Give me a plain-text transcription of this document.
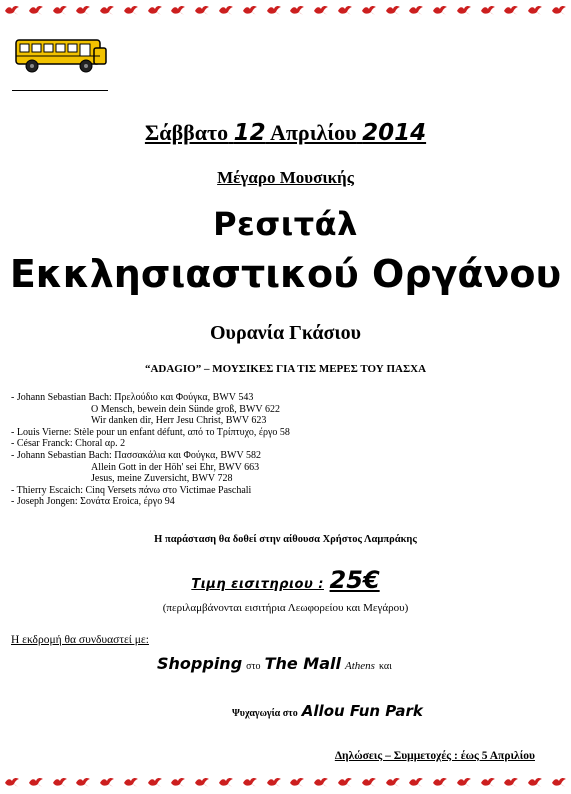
Σάββατο 12 Απριλίου 2014
Μέγαρο Μουσικής
Ρεσιτάλ
Εκκλησιαστικού Οργάνου
Ουρανία Γκάσιου
“ADAGIO” – ΜΟΥΣΙΚΕΣ ΓΙΑ ΤΙΣ ΜΕΡΕΣ ΤΟΥ ΠΑΣΧΑ
- Johann Sebastian Bach: Πρελούδιο και Φούγκα, BWV 543
O Mensch, bewein dein Sünde groß, BWV 622
Wir danken dir, Herr Jesu Christ, BWV 623
- Louis Vierne: Stèle pour un enfant défunt, από το Τρίπτυχο, έργο 58
- César Franck: Choral αρ. 2
- Johann Sebastian Bach: Πασσακάλια και Φούγκα, BWV 582
Allein Gott in der Höh' sei Ehr, BWV 663
Jesus, meine Zuversicht, BWV 728
- Thierry Escaich: Cinq Versets πάνω στο Victimae Paschali
- Joseph Jongen: Σονάτα Eroica, έργο 94
Η παράσταση θα δοθεί στην αίθουσα Χρήστος Λαμπράκης
Τιμη εισιτηριου : 25€
(περιλαμβάνονται εισιτήρια Λεωφορείου και Μεγάρου)
Η εκδρομή θα συνδυαστεί με:
Shopping στο The Mall Athens και
Ψυχαγωγία στο Allou Fun Park
Δηλώσεις – Συμμετοχές : έως 5 Απριλίου
